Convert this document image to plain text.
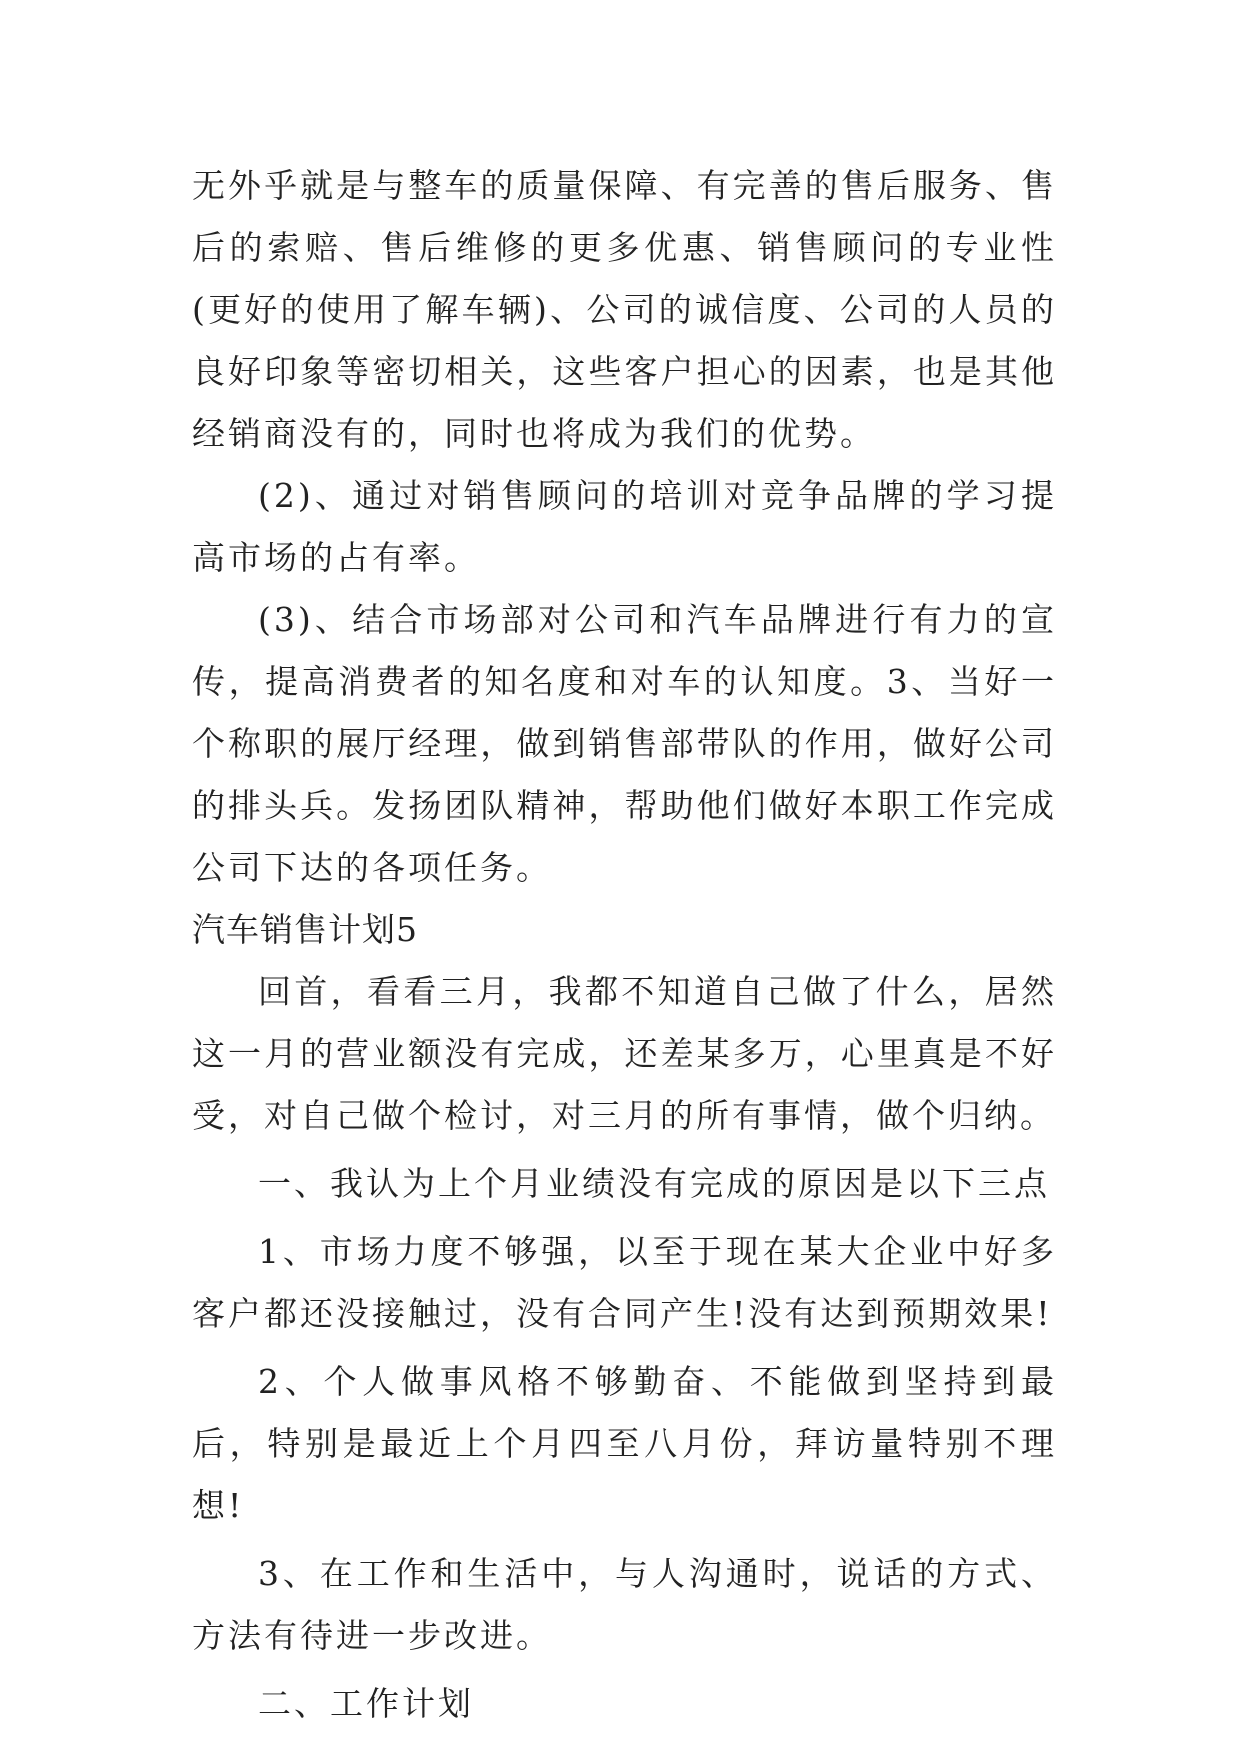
无外乎就是与整车的质量保障、有完善的售后服务、售后的索赔、售后维修的更多优惠、销售顾问的专业性(更好的使用了解车辆)、公司的诚信度、公司的人员的良好印象等密切相关，这些客户担心的因素，也是其他经销商没有的，同时也将成为我们的优势。

(2)、通过对销售顾问的培训对竞争品牌的学习提高市场的占有率。

(3)、结合市场部对公司和汽车品牌进行有力的宣传，提高消费者的知名度和对车的认知度。3、当好一个称职的展厅经理，做到销售部带队的作用，做好公司的排头兵。发扬团队精神，帮助他们做好本职工作完成公司下达的各项任务。

汽车销售计划5

回首，看看三月，我都不知道自己做了什么，居然这一月的营业额没有完成，还差某多万，心里真是不好受，对自己做个检讨，对三月的所有事情，做个归纳。

一、我认为上个月业绩没有完成的原因是以下三点

1、市场力度不够强，以至于现在某大企业中好多客户都还没接触过，没有合同产生!没有达到预期效果!

2、个人做事风格不够勤奋、不能做到坚持到最后，特别是最近上个月四至八月份，拜访量特别不理想!

3、在工作和生活中，与人沟通时，说话的方式、方法有待进一步改进。

二、工作计划
